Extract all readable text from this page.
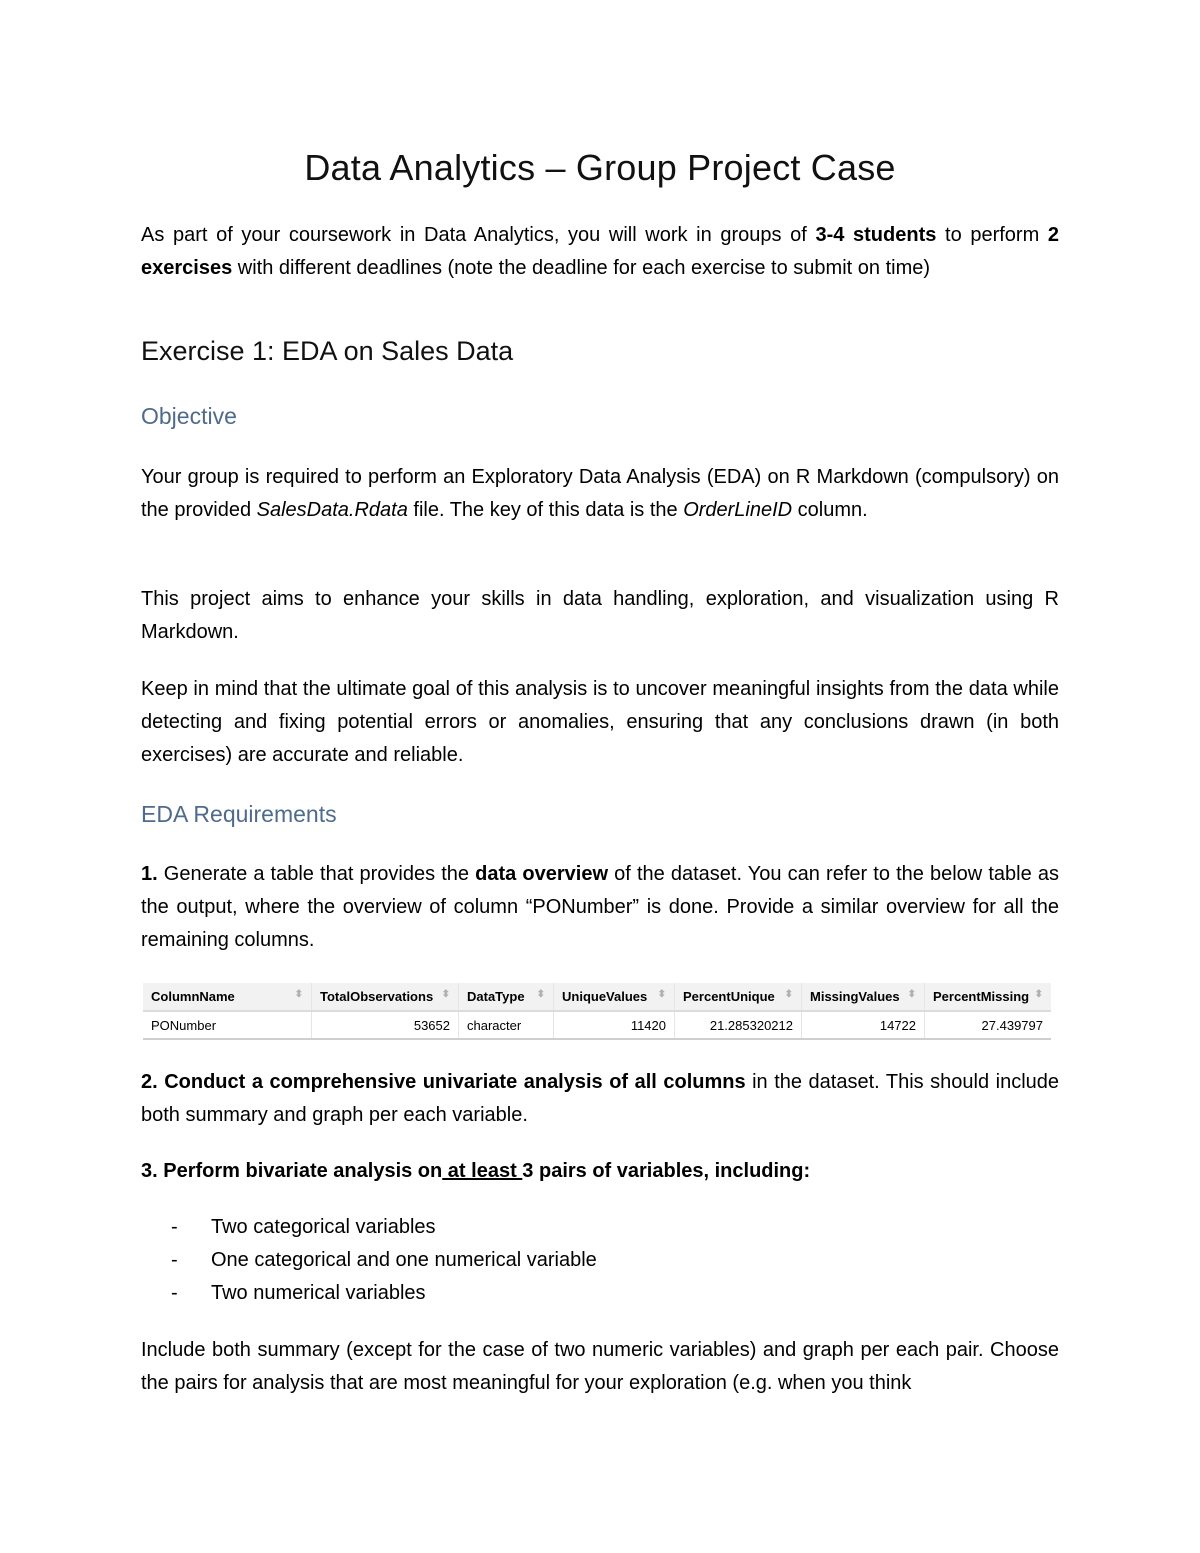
Data Analytics – Group Project Case

As part of your coursework in Data Analytics, you will work in groups of 3-4 students to perform 2 exercises with different deadlines (note the deadline for each exercise to submit on time)

Exercise 1: EDA on Sales Data
Objective

Your group is required to perform an Exploratory Data Analysis (EDA) on R Markdown (compulsory) on the provided SalesData.Rdata file. The key of this data is the OrderLineID column.

This project aims to enhance your skills in data handling, exploration, and visualization using R Markdown.

Keep in mind that the ultimate goal of this analysis is to uncover meaningful insights from the data while detecting and fixing potential errors or anomalies, ensuring that any conclusions drawn (in both exercises) are accurate and reliable.

EDA Requirements

1. Generate a table that provides the data overview of the dataset. You can refer to the below table as the output, where the overview of column “PONumber” is done. Provide a similar overview for all the remaining columns.

ColumnName ⬍	TotalObservations ⬍	DataType ⬍	UniqueValues ⬍	PercentUnique ⬍	MissingValues ⬍	PercentMissing ⬍

PONumber	53652	character	11420	21.285320212	14722	27.439797

2. Conduct a comprehensive univariate analysis of all columns in the dataset. This should include both summary and graph per each variable.

3. Perform bivariate analysis on at least 3 pairs of variables, including:

- Two categorical variables
- One categorical and one numerical variable
- Two numerical variables

Include both summary (except for the case of two numeric variables) and graph per each pair. Choose the pairs for analysis that are most meaningful for your exploration (e.g. when you think
